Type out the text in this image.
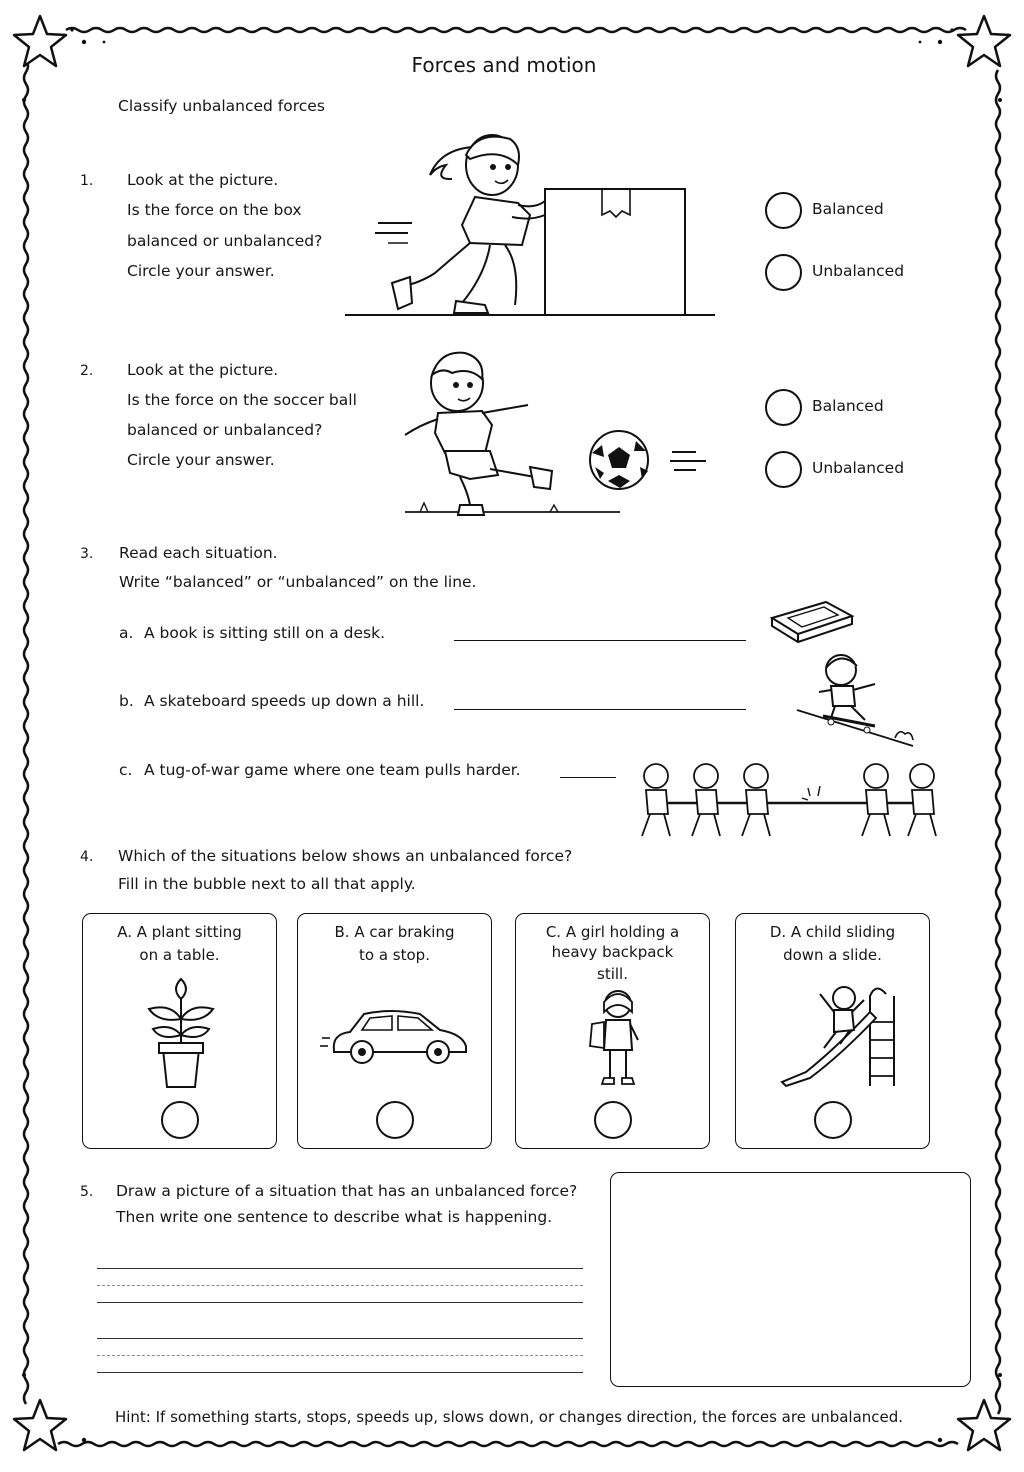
Forces and motion
Classify unbalanced forces
1. Look at the picture.
Is the force on the box
balanced or unbalanced?
Circle your answer.
Balanced
Unbalanced
2. Look at the picture.
Is the force on the soccer ball
balanced or unbalanced?
Circle your answer.
Balanced
Unbalanced
3. Read each situation.
Write “balanced” or “unbalanced” on the line.
a. A book is sitting still on a desk.
b. A skateboard speeds up down a hill.
c. A tug-of-war game where one team pulls harder.
4. Which of the situations below shows an unbalanced force?
Fill in the bubble next to all that apply.
A. A plant sitting
on a table.
B. A car braking
to a stop.
C. A girl holding a
heavy backpack
still.
D. A child sliding
down a slide.
5. Draw a picture of a situation that has an unbalanced force?
Then write one sentence to describe what is happening.
Hint: If something starts, stops, speeds up, slows down, or changes direction, the forces are unbalanced.
